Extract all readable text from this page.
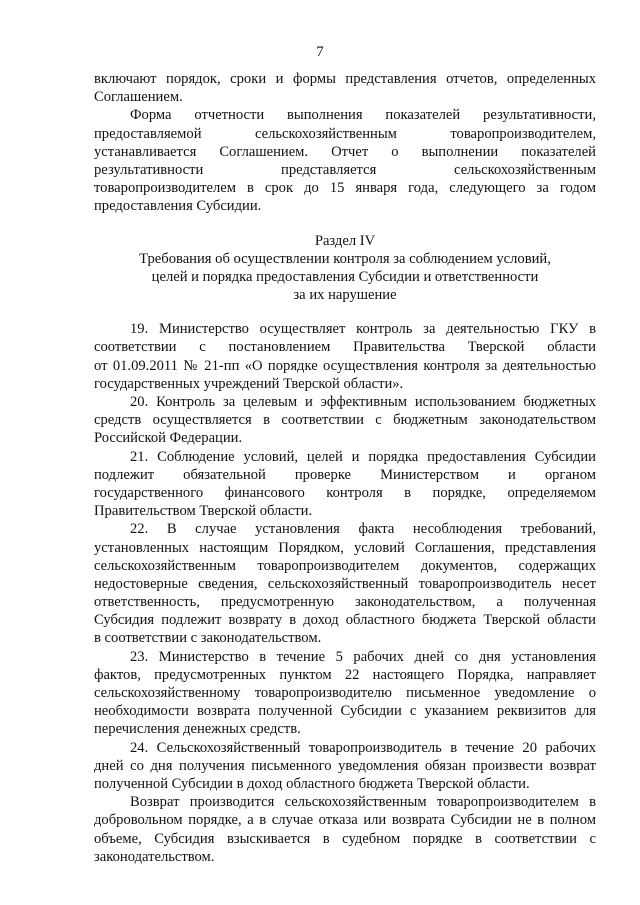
7
включают порядок, сроки и формы представления отчетов, определенных
Соглашением.
Форма отчетности выполнения показателей результативности,
предоставляемой сельскохозяйственным товаропроизводителем,
устанавливается Соглашением. Отчет о выполнении показателей
результативности представляется сельскохозяйственным
товаропроизводителем в срок до 15 января года, следующего за годом
предоставления Субсидии.
Раздел IV
Требования об осуществлении контроля за соблюдением условий,
целей и порядка предоставления Субсидии и ответственности
за их нарушение
19. Министерство осуществляет контроль за деятельностью ГКУ в
соответствии с постановлением Правительства Тверской области
от 01.09.2011 № 21-пп «О порядке осуществления контроля за деятельностью
государственных учреждений Тверской области».
20. Контроль за целевым и эффективным использованием бюджетных
средств осуществляется в соответствии с бюджетным законодательством
Российской Федерации.
21. Соблюдение условий, целей и порядка предоставления Субсидии
подлежит обязательной проверке Министерством и органом
государственного финансового контроля в порядке, определяемом
Правительством Тверской области.
22. В случае установления факта несоблюдения требований,
установленных настоящим Порядком, условий Соглашения, представления
сельскохозяйственным товаропроизводителем документов, содержащих
недостоверные сведения, сельскохозяйственный товаропроизводитель несет
ответственность, предусмотренную законодательством, а полученная
Субсидия подлежит возврату в доход областного бюджета Тверской области
в соответствии с законодательством.
23. Министерство в течение 5 рабочих дней со дня установления
фактов, предусмотренных пунктом 22 настоящего Порядка, направляет
сельскохозяйственному товаропроизводителю письменное уведомление о
необходимости возврата полученной Субсидии с указанием реквизитов для
перечисления денежных средств.
24. Сельскохозяйственный товаропроизводитель в течение 20 рабочих
дней со дня получения письменного уведомления обязан произвести возврат
полученной Субсидии в доход областного бюджета Тверской области.
Возврат производится сельскохозяйственным товаропроизводителем в
добровольном порядке, а в случае отказа или возврата Субсидии не в полном
объеме, Субсидия взыскивается в судебном порядке в соответствии с
законодательством.
